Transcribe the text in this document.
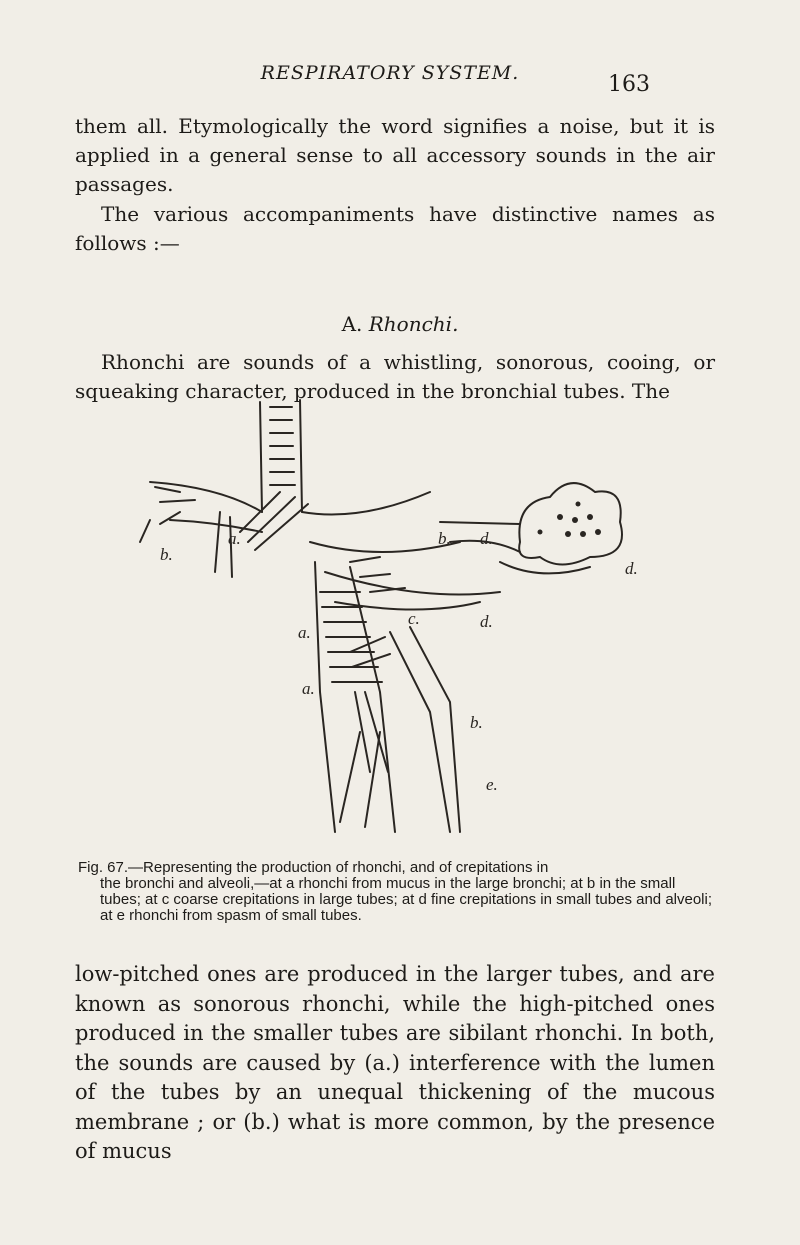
RESPIRATORY SYSTEM.	163

them all. Etymologically the word signifies a noise, but it is applied in a general sense to all accessory sounds in the air passages.

The various accompaniments have distinctive names as follows :—

A. Rhonchi.

Rhonchi are sounds of a whistling, sonorous, cooing, or squeaking character, produced in the bronchial tubes. The

b.
a.	b. d.
d.
c.	d.
a.
a.
b.
e.

Fig. 67.—Representing the production of rhonchi, and of crepitations in
the bronchi and alveoli,—at a rhonchi from mucus in the large bronchi; at b in the small tubes; at c coarse crepitations in large tubes; at d fine crepitations in small tubes and alveoli; at e rhonchi from spasm of small tubes.

low-pitched ones are produced in the larger tubes, and are known as sonorous rhonchi, while the high-pitched ones produced in the smaller tubes are sibilant rhonchi. In both, the sounds are caused by (a.) interference with the lumen of the tubes by an unequal thickening of the mucous membrane ; or (b.) what is more common, by the presence of mucus
